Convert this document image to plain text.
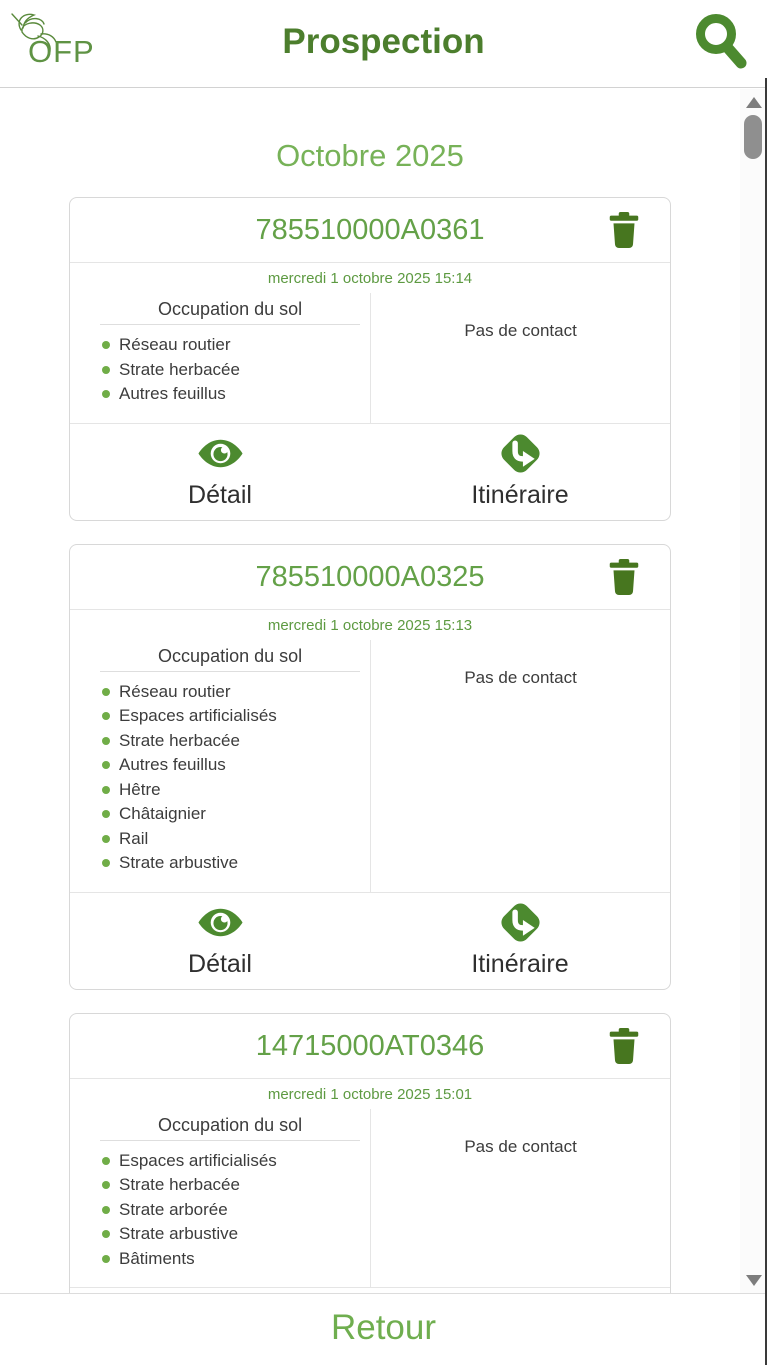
OFP	Prospection
Octobre 2025
785510000A0361
mercredi 1 octobre 2025 15:14
Occupation du sol
Réseau routier
Strate herbacée
Autres feuillus
Pas de contact
Détail	Itinéraire
785510000A0325
mercredi 1 octobre 2025 15:13
Occupation du sol
Réseau routier
Espaces artificialisés
Strate herbacée
Autres feuillus
Hêtre
Châtaignier
Rail
Strate arbustive
Pas de contact
Détail	Itinéraire
14715000AT0346
mercredi 1 octobre 2025 15:01
Occupation du sol
Espaces artificialisés
Strate herbacée
Strate arborée
Strate arbustive
Bâtiments
Pas de contact
Retour
